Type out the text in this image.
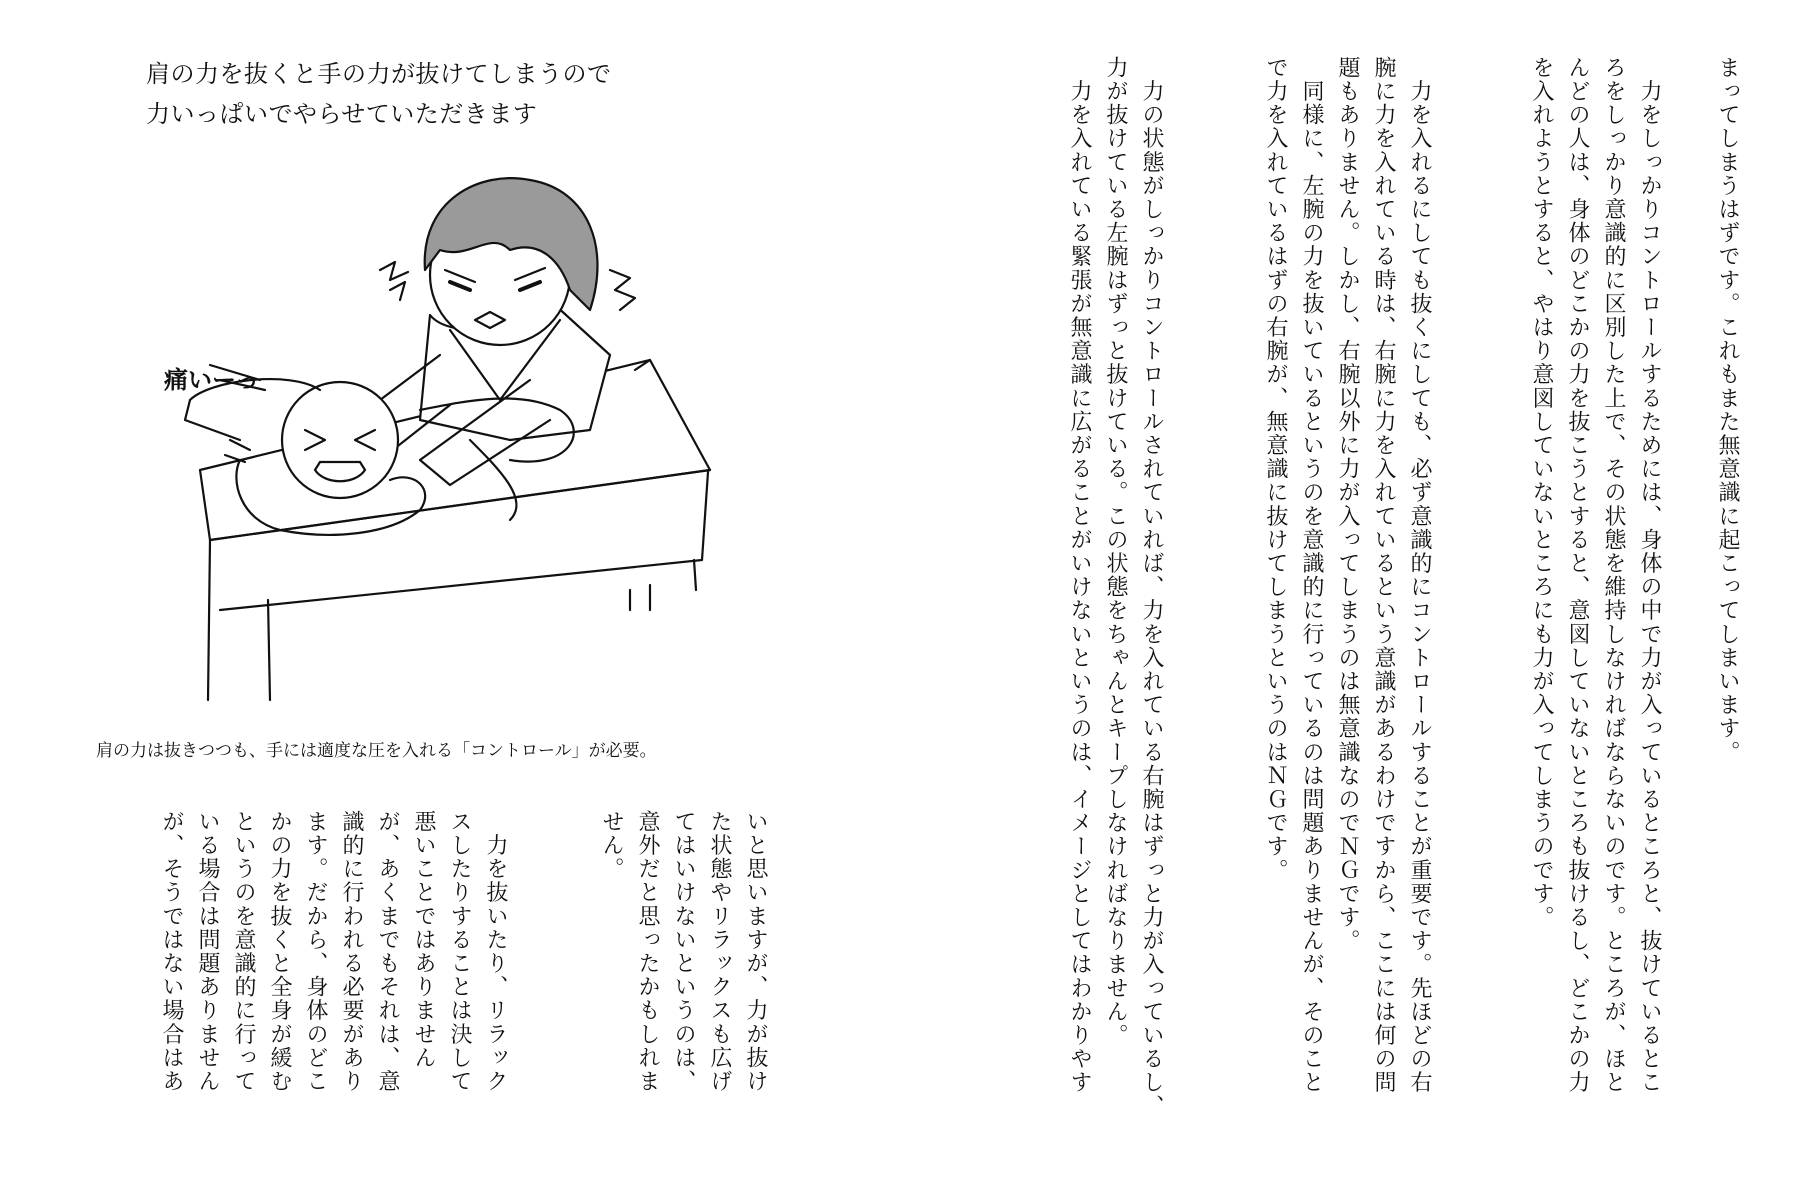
肩の力を抜くと手の力が抜けてしまうので
力いっぱいでやらせていただきます
痛いーっ
肩の力は抜きつつも、手には適度な圧を入れる「コントロール」が必要。
いと思いますが、力が抜け
た状態やリラックスも広げ
てはいけないというのは、
意外だと思ったかもしれま
せん。
　力を抜いたり、リラック
スしたりすることは決して
悪いことではありません
が、あくまでもそれは、意
識的に行われる必要があり
ます。だから、身体のどこ
かの力を抜くと全身が緩む
というのを意識的に行って
いる場合は問題ありません
が、そうではない場合はあ
まってしまうはずです。これもまた無意識に起こってしまいます。
　力をしっかりコントロールするためには、身体の中で力が入っているところと、抜けているとこ
ろをしっかり意識的に区別した上で、その状態を維持しなければならないのです。ところが、ほと
んどの人は、身体のどこかの力を抜こうとすると、意図していないところも抜けるし、どこかの力
を入れようとすると、やはり意図していないところにも力が入ってしまうのです。
　力を入れるにしても抜くにしても、必ず意識的にコントロールすることが重要です。先ほどの右
腕に力を入れている時は、右腕に力を入れているという意識があるわけですから、ここには何の問
題もありません。しかし、右腕以外に力が入ってしまうのは無意識なのでＮＧです。
　同様に、左腕の力を抜いているというのを意識的に行っているのは問題ありませんが、そのこと
で力を入れているはずの右腕が、無意識に抜けてしまうというのはＮＧです。
　力の状態がしっかりコントロールされていれば、力を入れている右腕はずっと力が入っているし、
力が抜けている左腕はずっと抜けている。この状態をちゃんとキープしなければなりません。
　力を入れている緊張が無意識に広がることがいけないというのは、イメージとしてはわかりやす
